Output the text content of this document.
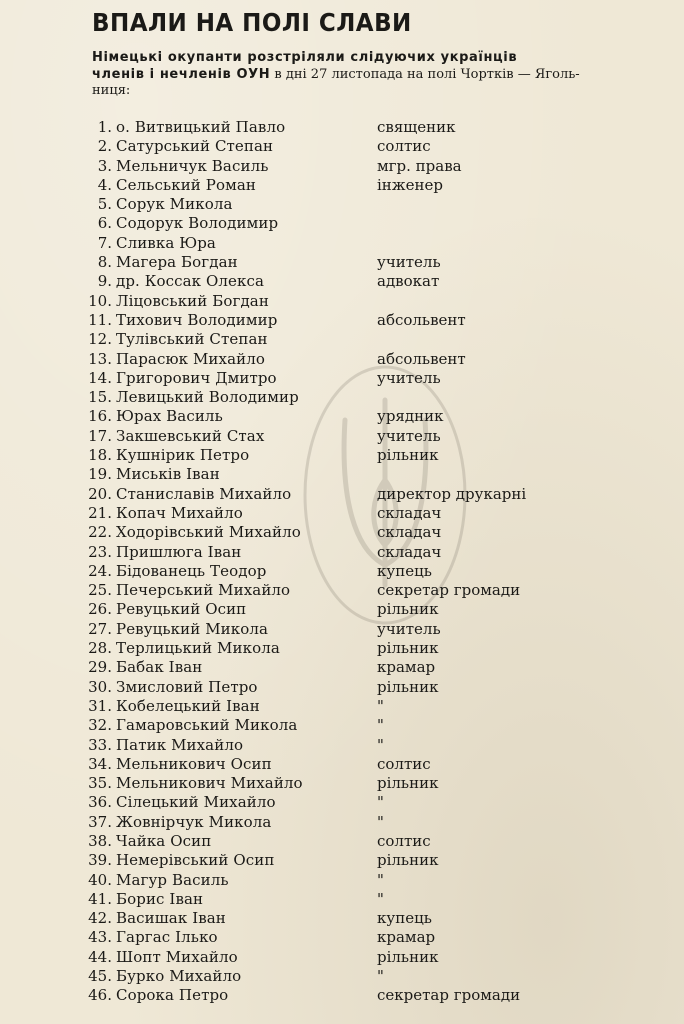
ВПАЛИ НА ПОЛІ СЛАВИ

Німецькі окупанти розстріляли слідуючих українців
членів і нечленів ОУН в дні 27 листопада на полі Чортків — Яголь-
ниця:

1. о. Витвицький Павло	священик
2. Сатурський Степан	солтис
3. Мельничук Василь	мгр. права
4. Сельський Роман	інженер
5. Сорук Микола
6. Содорук Володимир
7. Сливка Юра
8. Магера Богдан	учитель
9. др. Коссак Олекса	адвокат
10. Ліцовський Богдан
11. Тихович Володимир	абсольвент
12. Тулівський Степан
13. Парасюк Михайло	абсольвент
14. Григорович Дмитро	учитель
15. Левицький Володимир
16. Юрах Василь	урядник
17. Закшевський Стах	учитель
18. Кушнірик Петро	рільник
19. Миськів Іван
20. Станиславів Михайло	директор друкарні
21. Копач Михайло	складач
22. Ходорівський Михайло	складач
23. Пришлюга Іван	складач
24. Бідованець Теодор	купець
25. Печерський Михайло	секретар громади
26. Ревуцький Осип	рільник
27. Ревуцький Микола	учитель
28. Терлицький Микола	рільник
29. Бабак Іван	крамар
30. Змисловий Петро	рільник
31. Кобелецький Іван	"
32. Гамаровський Микола	"
33. Патик Михайло	"
34. Мельникович Осип	солтис
35. Мельникович Михайло	рільник
36. Сілецький Михайло	"
37. Жовнірчук Микола	"
38. Чайка Осип	солтис
39. Немерівський Осип	рільник
40. Магур Василь	"
41. Борис Іван	"
42. Васишак Іван	купець
43. Гаргас Ілько	крамар
44. Шопт Михайло	рільник
45. Бурко Михайло	"
46. Сорока Петро	секретар громади
